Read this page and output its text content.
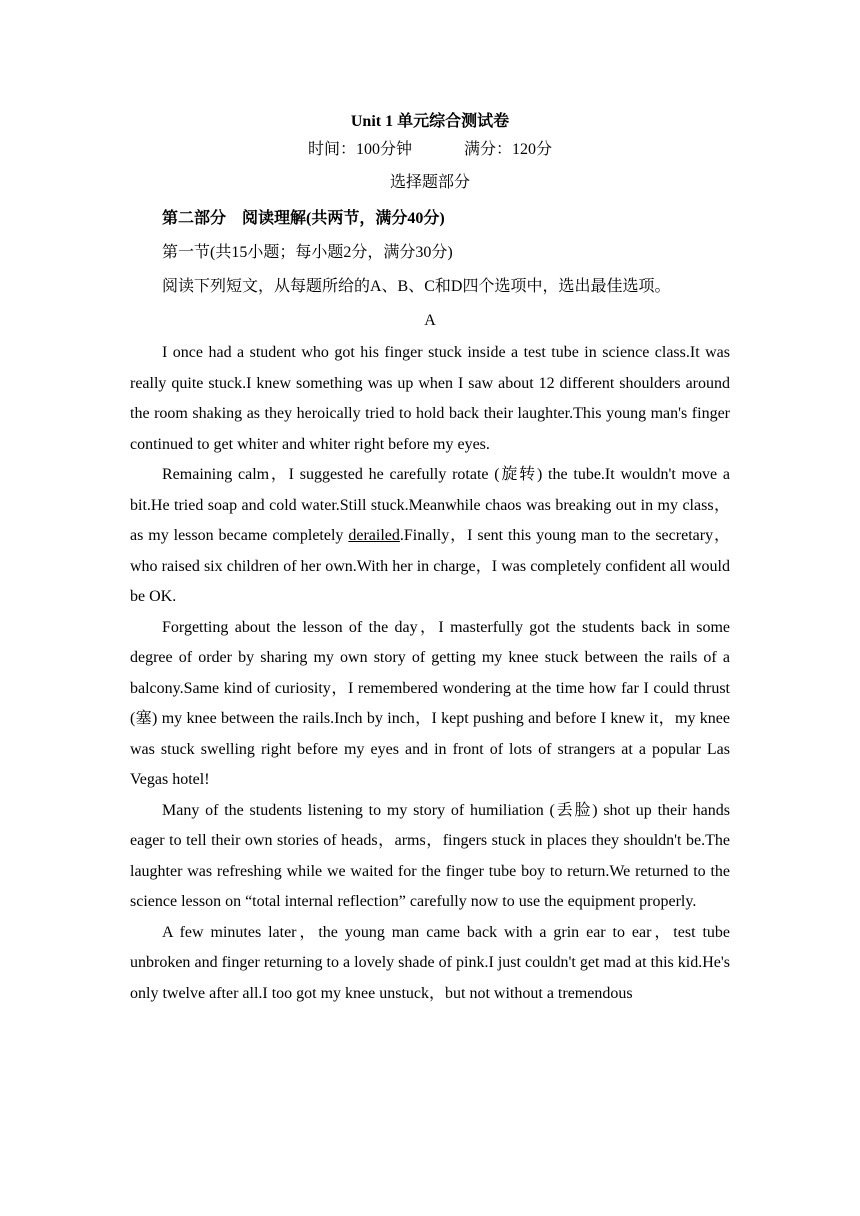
Unit 1 单元综合测试卷

时间：100分钟	满分：120分

选择题部分

第二部分　阅读理解(共两节，满分40分)

第一节(共15小题；每小题2分，满分30分)

阅读下列短文，从每题所给的A、B、C和D四个选项中，选出最佳选项。

A

I once had a student who got his finger stuck inside a test tube in science class.It was really quite stuck.I knew something was up when I saw about 12 different shoulders around the room shaking as they heroically tried to hold back their laughter.This young man's finger continued to get whiter and whiter right before my eyes.

Remaining calm，I suggested he carefully rotate (旋转) the tube.It wouldn't move a bit.He tried soap and cold water.Still stuck.Meanwhile chaos was breaking out in my class，as my lesson became completely derailed.Finally，I sent this young man to the secretary，who raised six children of her own.With her in charge，I was completely confident all would be OK.

Forgetting about the lesson of the day，I masterfully got the students back in some degree of order by sharing my own story of getting my knee stuck between the rails of a balcony.Same kind of curiosity，I remembered wondering at the time how far I could thrust (塞) my knee between the rails.Inch by inch，I kept pushing and before I knew it，my knee was stuck swelling right before my eyes and in front of lots of strangers at a popular Las Vegas hotel!

Many of the students listening to my story of humiliation (丢脸) shot up their hands eager to tell their own stories of heads，arms，fingers stuck in places they shouldn't be.The laughter was refreshing while we waited for the finger tube boy to return.We returned to the science lesson on “total internal reflection” carefully now to use the equipment properly.

A few minutes later，the young man came back with a grin ear to ear，test tube unbroken and finger returning to a lovely shade of pink.I just couldn't get mad at this kid.He's only twelve after all.I too got my knee unstuck，but not without a tremendous
